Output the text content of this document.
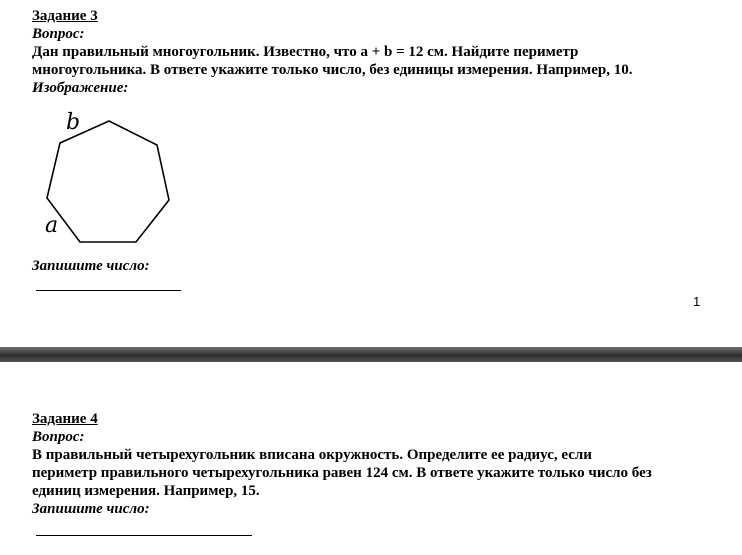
Задание 3
Вопрос:
Дан правильный многоугольник. Известно, что a + b = 12 см. Найдите периметр
многоугольника. В ответе укажите только число, без единицы измерения. Например, 10.
Изображение:
b
a
Запишите число:
1
Задание 4
Вопрос:
В правильный четырехугольник вписана окружность. Определите ее радиус, если
периметр правильного четырехугольника равен 124 см. В ответе укажите только число без
единиц измерения. Например, 15.
Запишите число:
